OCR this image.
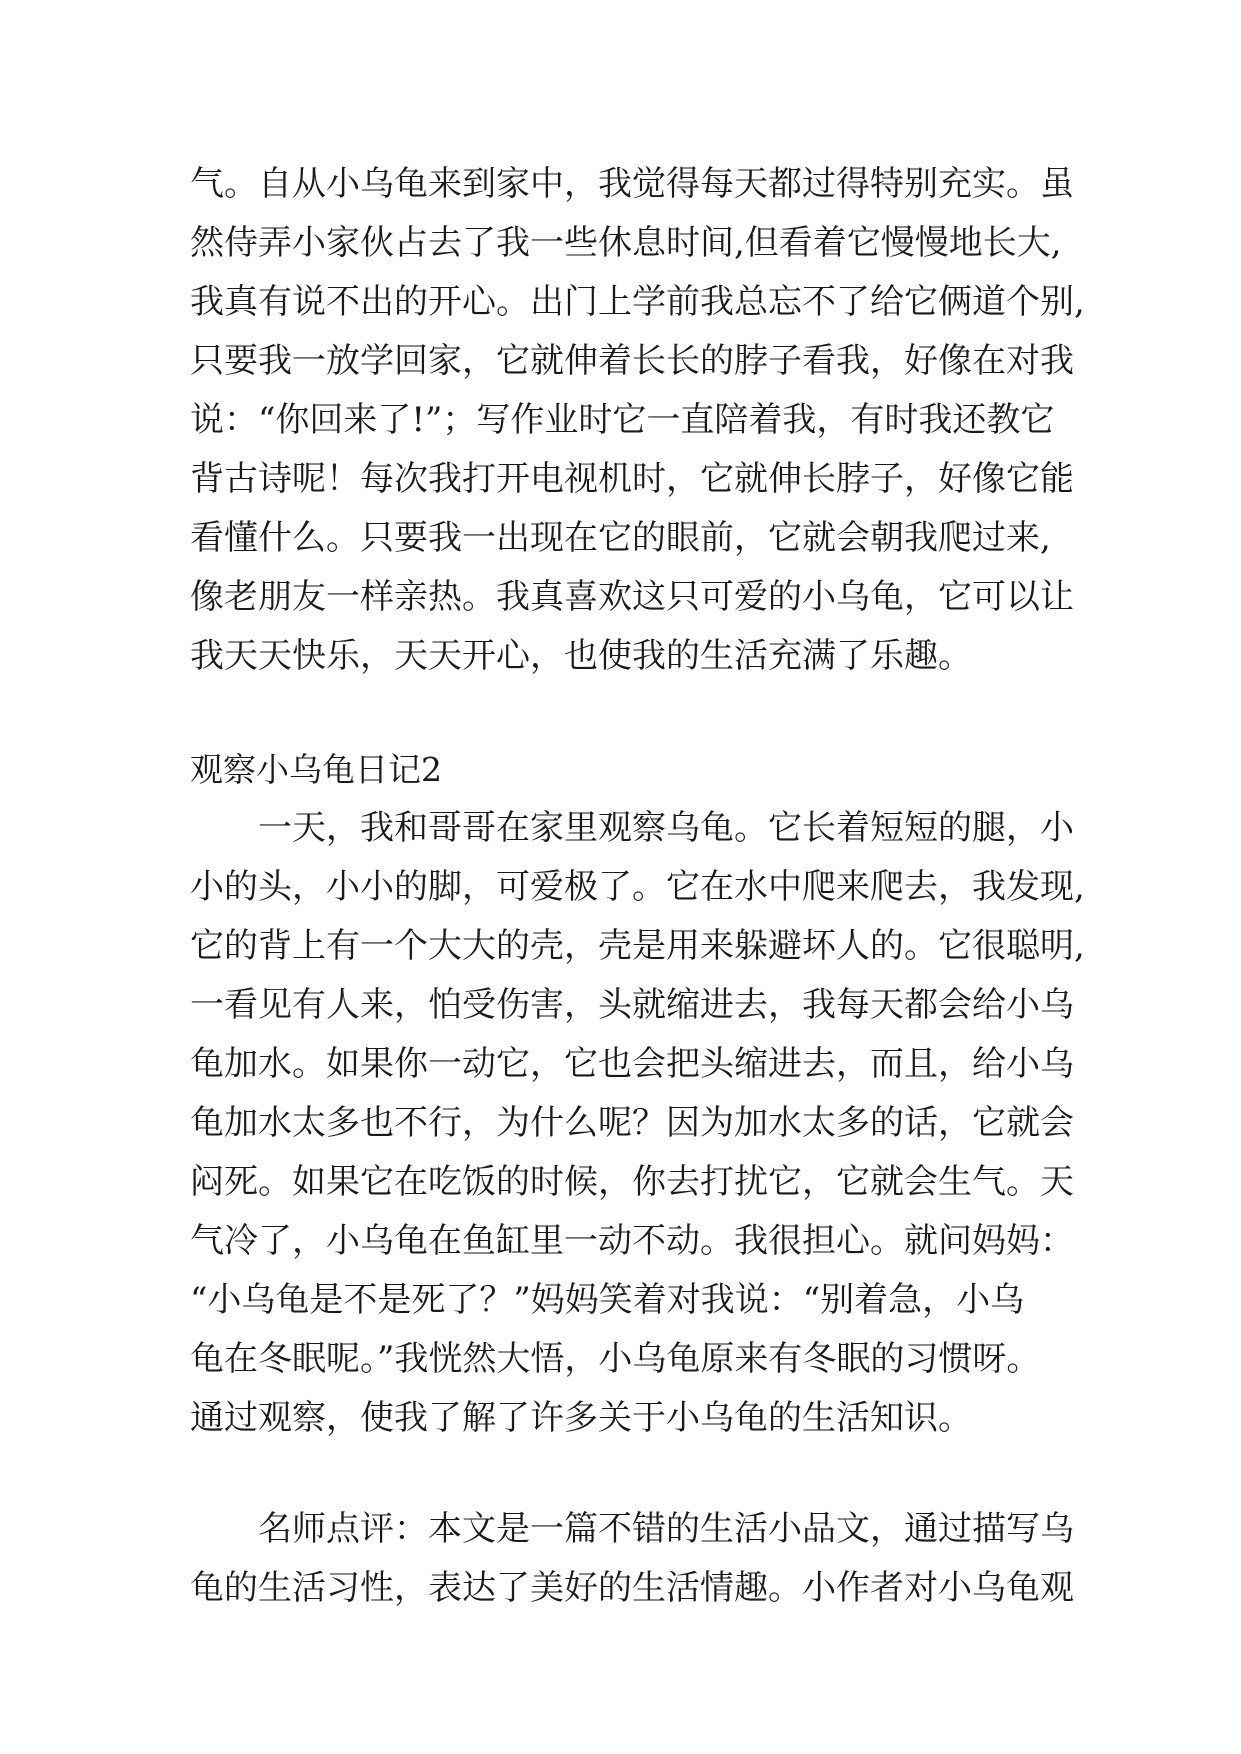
气。自从小乌龟来到家中，我觉得每天都过得特别充实。虽
然侍弄小家伙占去了我一些休息时间,但看着它慢慢地长大,
我真有说不出的开心。出门上学前我总忘不了给它俩道个别,
只要我一放学回家，它就伸着长长的脖子看我，好像在对我
说：“你回来了!”；写作业时它一直陪着我，有时我还教它
背古诗呢！每次我打开电视机时，它就伸长脖子，好像它能
看懂什么。只要我一出现在它的眼前，它就会朝我爬过来,
像老朋友一样亲热。我真喜欢这只可爱的小乌龟，它可以让
我天天快乐，天天开心，也使我的生活充满了乐趣。
观察小乌龟日记2
一天，我和哥哥在家里观察乌龟。它长着短短的腿，小
小的头，小小的脚，可爱极了。它在水中爬来爬去，我发现,
它的背上有一个大大的壳，壳是用来躲避坏人的。它很聪明,
一看见有人来，怕受伤害，头就缩进去，我每天都会给小乌
龟加水。如果你一动它，它也会把头缩进去，而且，给小乌
龟加水太多也不行，为什么呢？因为加水太多的话，它就会
闷死。如果它在吃饭的时候，你去打扰它，它就会生气。天
气冷了，小乌龟在鱼缸里一动不动。我很担心。就问妈妈：
“小乌龟是不是死了？”妈妈笑着对我说：“别着急，小乌
龟在冬眠呢。”我恍然大悟，小乌龟原来有冬眠的习惯呀。
通过观察，使我了解了许多关于小乌龟的生活知识。
名师点评：本文是一篇不错的生活小品文，通过描写乌
龟的生活习性，表达了美好的生活情趣。小作者对小乌龟观
